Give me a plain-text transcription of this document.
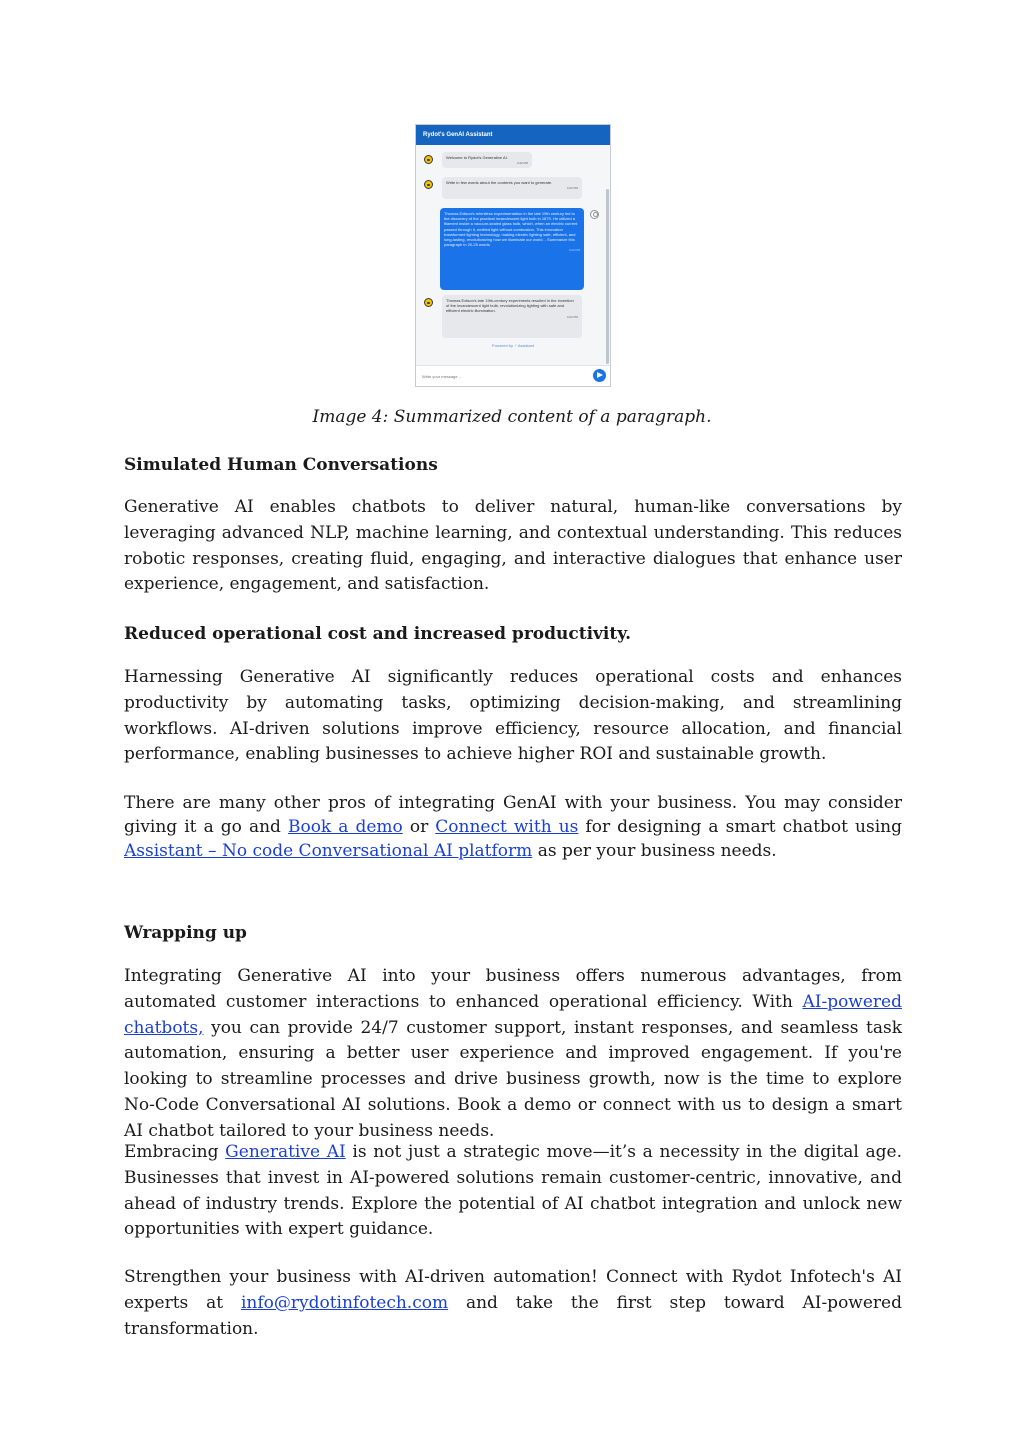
Rydot's GenAI Assistant
Welcome to Rydot's Generative AI.
4:22 PM
Write in few words about the contents you want to generate.
4:22 PM
Thomas Edison's relentless experimentation in the late 19th century led to the discovery of the practical incandescent light bulb in 1879. He utilized a filament inside a vacuum-sealed glass bulb, which, when an electric current passed through it, emitted light without combustion. This innovation transformed lighting technology, making electric lighting safe, efficient, and long-lasting, revolutionizing how we illuminate our world. - Summarize this paragraph in 20-25 words.
4:22 PM
Thomas Edison's late 19th-century experiments resulted in the invention of the incandescent light bulb, revolutionizing lighting with safe and efficient electric illumination.
4:22 PM
Powered by ⚡ Assistant
Write your message...
Image 4: Summarized content of a paragraph.
Simulated Human Conversations

Generative AI enables chatbots to deliver natural, human-like conversations by leveraging advanced NLP, machine learning, and contextual understanding. This reduces robotic responses, creating fluid, engaging, and interactive dialogues that enhance user experience, engagement, and satisfaction.

Reduced operational cost and increased productivity.

Harnessing Generative AI significantly reduces operational costs and enhances productivity by automating tasks, optimizing decision-making, and streamlining workflows. AI-driven solutions improve efficiency, resource allocation, and financial performance, enabling businesses to achieve higher ROI and sustainable growth.

There are many other pros of integrating GenAI with your business. You may consider giving it a go and Book a demo or Connect with us for designing a smart chatbot using Assistant – No code Conversational AI platform as per your business needs.

Wrapping up

Integrating Generative AI into your business offers numerous advantages, from automated customer interactions to enhanced operational efficiency. With AI-powered chatbots, you can provide 24/7 customer support, instant responses, and seamless task automation, ensuring a better user experience and improved engagement. If you're looking to streamline processes and drive business growth, now is the time to explore No-Code Conversational AI solutions. Book a demo or connect with us to design a smart AI chatbot tailored to your business needs.

Embracing Generative AI is not just a strategic move—it’s a necessity in the digital age. Businesses that invest in AI-powered solutions remain customer-centric, innovative, and ahead of industry trends. Explore the potential of AI chatbot integration and unlock new opportunities with expert guidance.

Strengthen your business with AI-driven automation! Connect with Rydot Infotech's AI experts at info@rydotinfotech.com and take the first step toward AI-powered transformation.
